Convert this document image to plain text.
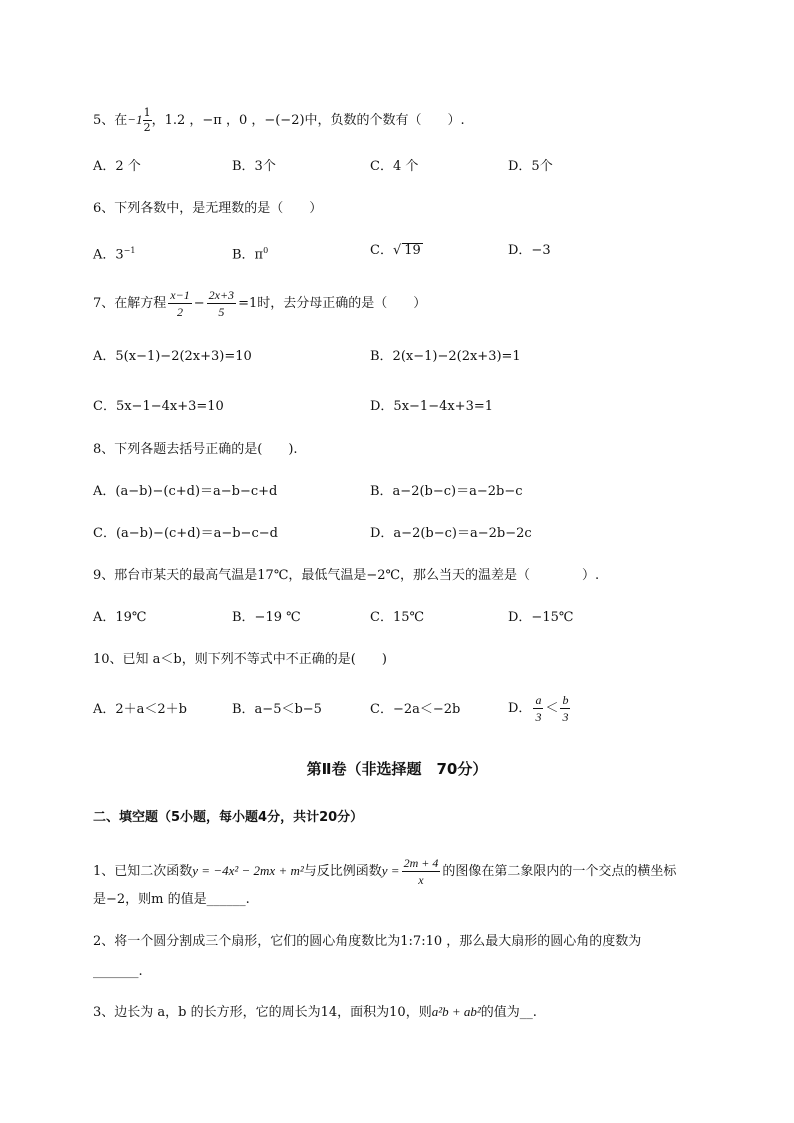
5、在$-1 \frac{1}{2}$ ，1.2 ，−π ，0 ，−(−2)中，负数的个数有（　　）.
A．2 个	B．3个	C．4 个	D．5个
6、下列各数中，是无理数的是（　　）
A．$3^{-1}$	B．$\pi^0$	C．√ 19	D．−3
7、在解方程 $\frac{x-1}{2} - \frac{2x+3}{5} =1$时，去分母正确的是（　　）
A．5(x−1)−2(2x+3)=10	B．2(x−1)−2(2x+3)=1
C．5x−1−4x+3=10	D．5x−1−4x+3=1
8、下列各题去括号正确的是(　　).
A．(a−b)−(c+d)＝a−b−c+d	B．a−2(b−c)＝a−2b−c
C．(a−b)−(c+d)＝a−b−c−d	D．a−2(b−c)＝a−2b−2c
9、邢台市某天的最高气温是17℃，最低气温是−2℃，那么当天的温差是（　　　　）.
A．19℃	B．−19 ℃	C．15℃	D．−15℃
10、已知 a＜b，则下列不等式中不正确的是(　　)
A．2＋a＜2＋b	B．a−5＜b−5	C．−2a＜−2b	D． $\frac{a}{3} < \frac{b}{3}$
第Ⅱ卷（非选择题　70分）
二、填空题（5小题，每小题4分，共计20分）
1、已知二次函数y = −4x² − 2mx + m²与反比例函数$y = \frac{2m + 4}{x}$ 的图像在第二象限内的一个交点的横坐标
是−2，则m 的值是______.
2、将一个圆分割成三个扇形，它们的圆心角度数比为1:7:10 ，那么最大扇形的圆心角的度数为
_______.
3、边长为 a，b 的长方形，它的周长为14，面积为10，则a²b + ab²的值为__.
